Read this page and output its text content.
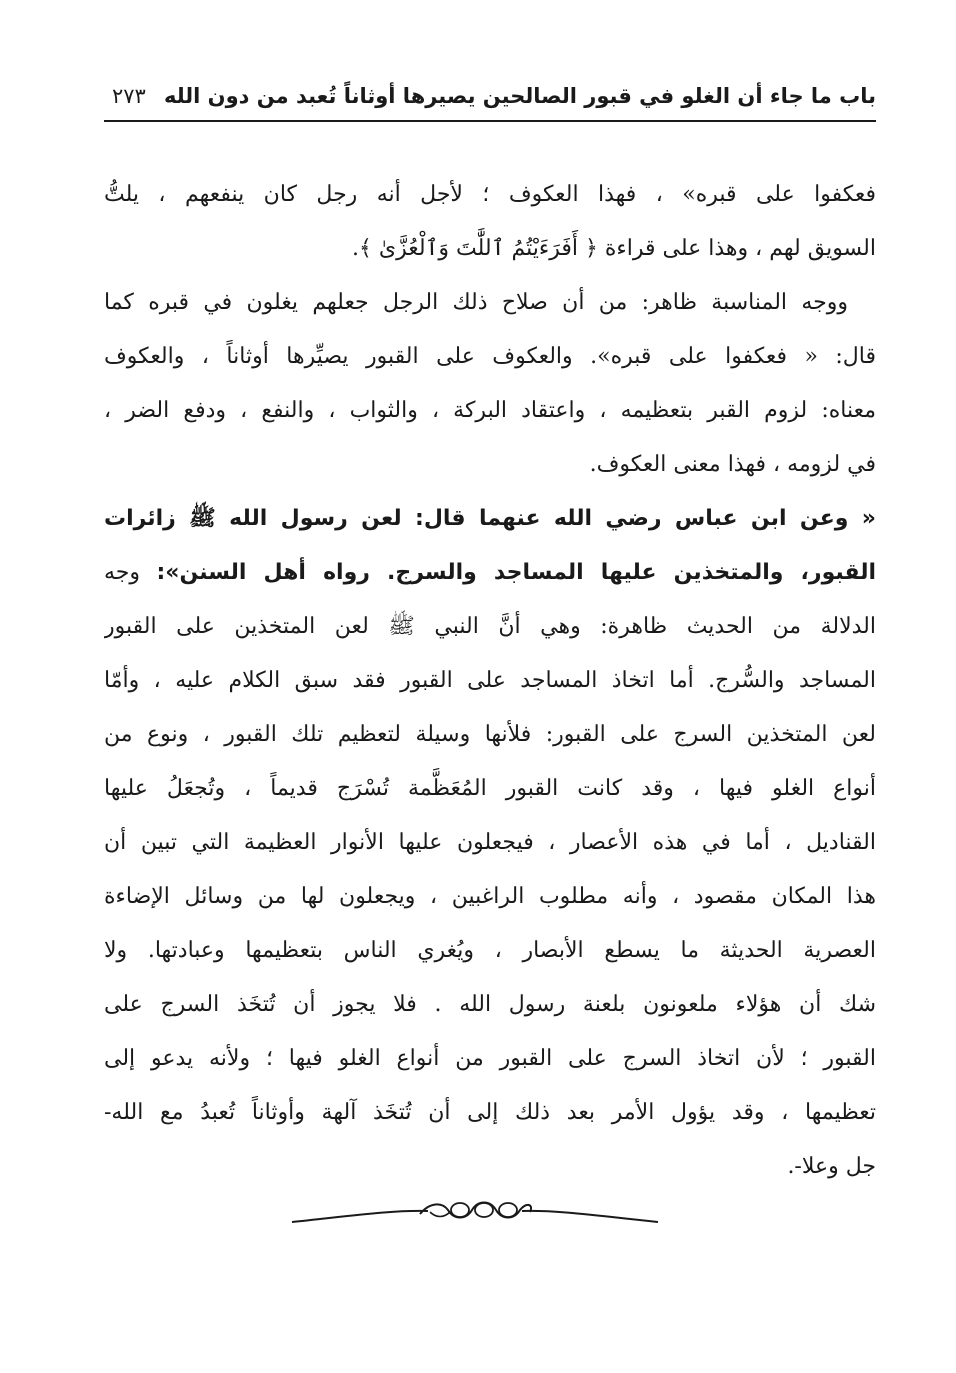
باب ما جاء أن الغلو في قبور الصالحين يصيرها أوثاناً تُعبد من دون الله
٢٧٣
فعكفوا على قبره» ، فهذا العكوف ؛ لأجل أنه رجل كان ينفعهم ، يلتُّ
السويق لهم ، وهذا على قراءة ﴿ أَفَرَءَيْتُمُ ٱللَّٰتَ وَٱلْعُزَّىٰ ﴾.
ووجه المناسبة ظاهر: من أن صلاح ذلك الرجل جعلهم يغلون في قبره كما
قال: « فعكفوا على قبره». والعكوف على القبور يصيِّرها أوثاناً ، والعكوف
معناه: لزوم القبر بتعظيمه ، واعتقاد البركة ، والثواب ، والنفع ، ودفع الضر ،
في لزومه ، فهذا معنى العكوف.
« وعن ابن عباس رضي الله عنهما قال: لعن رسول الله ﷺ زائرات
القبور، والمتخذين عليها المساجد والسرج. رواه أهل السنن»: وجه
الدلالة من الحديث ظاهرة: وهي أنَّ النبي ﷺ لعن المتخذين على القبور
المساجد والسُّرج. أما اتخاذ المساجد على القبور فقد سبق الكلام عليه ، وأمّا
لعن المتخذين السرج على القبور: فلأنها وسيلة لتعظيم تلك القبور ، ونوع من
أنواع الغلو فيها ، وقد كانت القبور المُعَظَّمة تُسْرَج قديماً ، وتُجعَلُ عليها
القناديل ، أما في هذه الأعصار ، فيجعلون عليها الأنوار العظيمة التي تبين أن
هذا المكان مقصود ، وأنه مطلوب الراغبين ، ويجعلون لها من وسائل الإضاءة
العصرية الحديثة ما يسطع الأبصار ، ويُغري الناس بتعظيمها وعبادتها. ولا
شك أن هؤلاء ملعونون بلعنة رسول الله . فلا يجوز أن تُتخَذ السرج على
القبور ؛ لأن اتخاذ السرج على القبور من أنواع الغلو فيها ؛ ولأنه يدعو إلى
تعظيمها ، وقد يؤول الأمر بعد ذلك إلى أن تُتخَذ آلهة وأوثاناً تُعبدُ مع الله-
جل وعلا-.
